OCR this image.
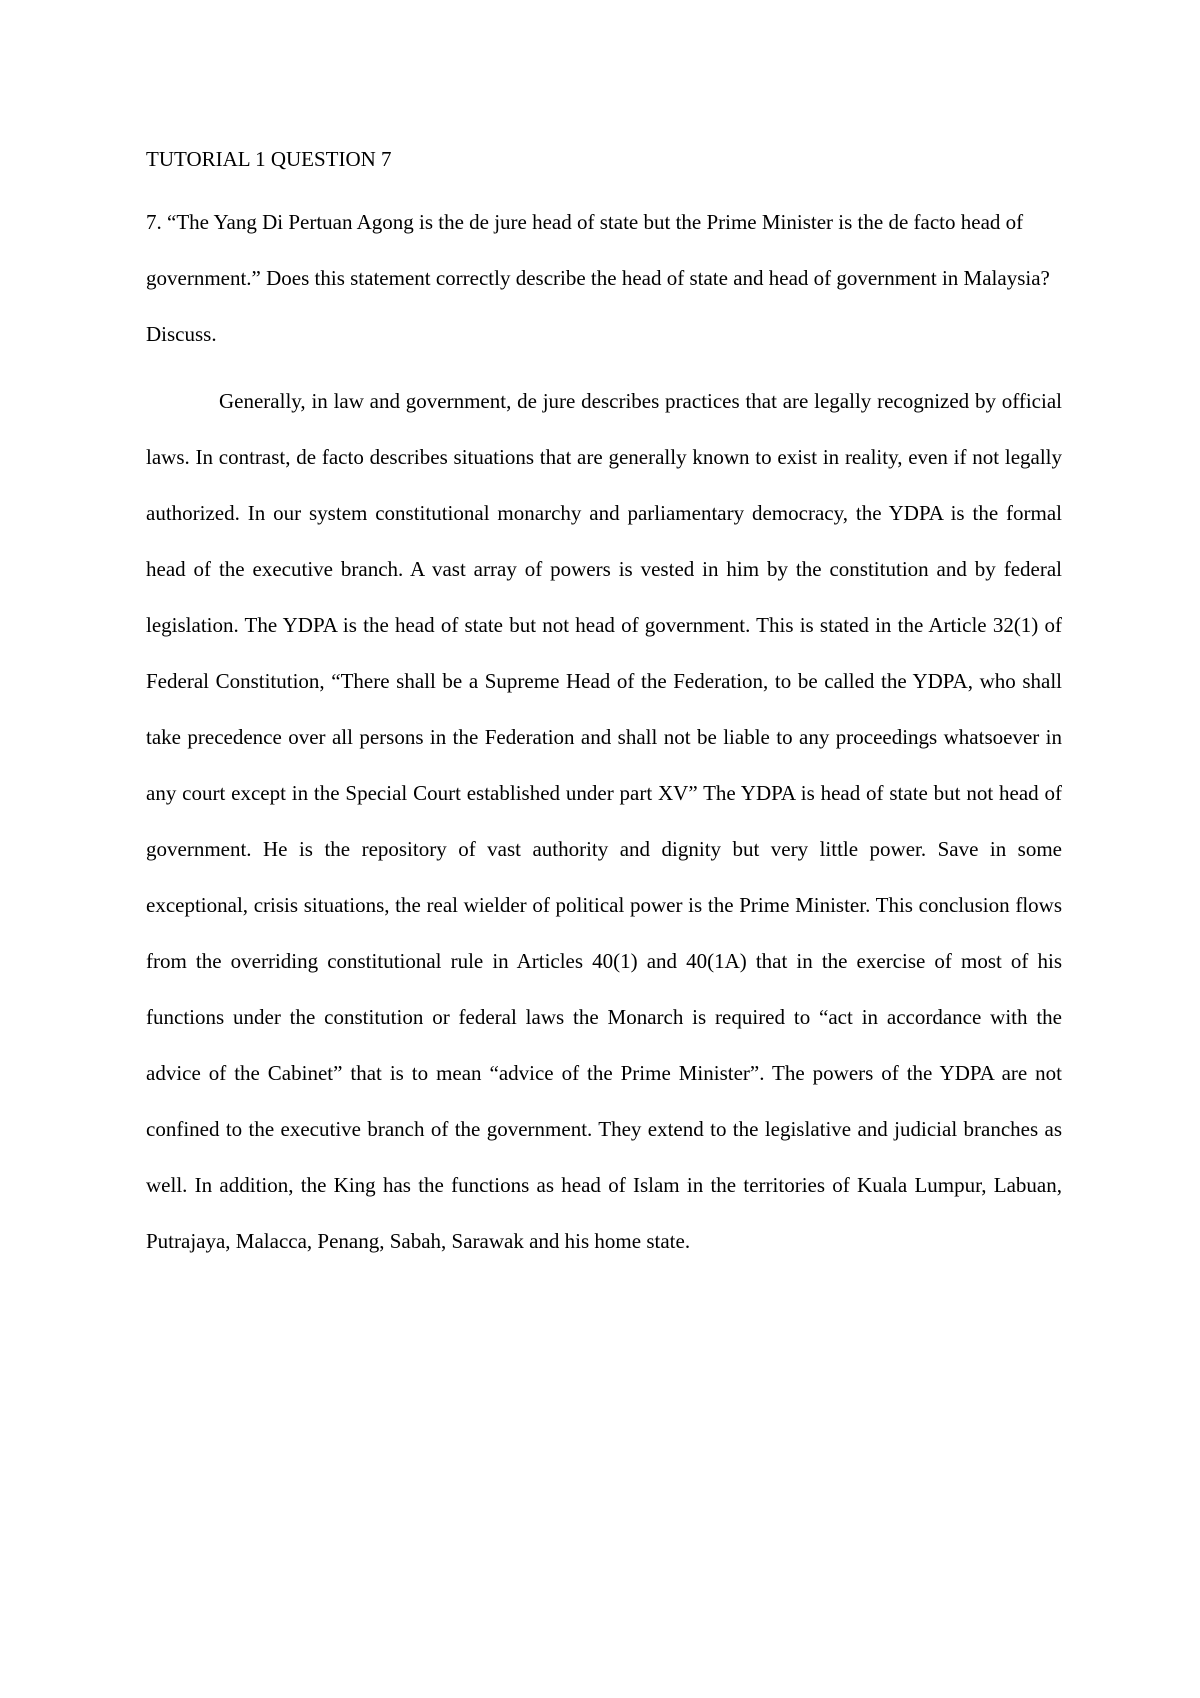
TUTORIAL 1 QUESTION 7

7. “The Yang Di Pertuan Agong is the de jure head of state but the Prime Minister is the de facto head of government.” Does this statement correctly describe the head of state and head of government in Malaysia? Discuss.

Generally, in law and government, de jure describes practices that are legally recognized by official laws. In contrast, de facto describes situations that are generally known to exist in reality, even if not legally authorized. In our system constitutional monarchy and parliamentary democracy, the YDPA is the formal head of the executive branch. A vast array of powers is vested in him by the constitution and by federal legislation. The YDPA is the head of state but not head of government. This is stated in the Article 32(1) of Federal Constitution, “There shall be a Supreme Head of the Federation, to be called the YDPA, who shall take precedence over all persons in the Federation and shall not be liable to any proceedings whatsoever in any court except in the Special Court established under part XV” The YDPA is head of state but not head of government. He is the repository of vast authority and dignity but very little power. Save in some exceptional, crisis situations, the real wielder of political power is the Prime Minister. This conclusion flows from the overriding constitutional rule in Articles 40(1) and 40(1A) that in the exercise of most of his functions under the constitution or federal laws the Monarch is required to “act in accordance with the advice of the Cabinet” that is to mean “advice of the Prime Minister”. The powers of the YDPA are not confined to the executive branch of the government. They extend to the legislative and judicial branches as well. In addition, the King has the functions as head of Islam in the territories of Kuala Lumpur, Labuan, Putrajaya, Malacca, Penang, Sabah, Sarawak and his home state.
